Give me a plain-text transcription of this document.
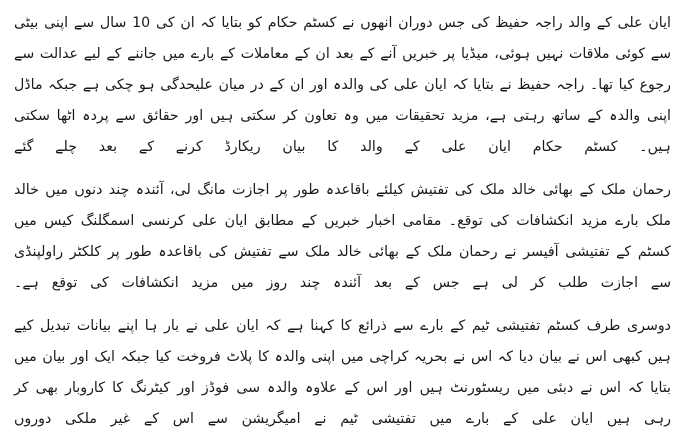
ایان علی کے والد راجہ حفیظ کی جس دوران انھوں نے کسٹم حکام کو بتایا کہ ان کی 10 سال سے اپنی بیٹی سے کوئی ملاقات نہیں ہوئی، میڈیا پر خبریں آنے کے بعد ان کے معاملات کے بارے میں جاننے کے لیے عدالت سے رجوع کیا تھا۔ راجہ حفیظ نے بتایا کہ ایان علی کی والدہ اور ان کے در میان علیحدگی ہو چکی ہے جبکہ ماڈل اپنی والدہ کے ساتھ رہتی ہے، مزید تحقیقات میں وہ تعاون کر سکتی ہیں اور حقائق سے پردہ اٹھا سکتی ہیں۔ کسٹم حکام ایان علی کے والد کا بیان ریکارڈ کرنے کے بعد چلے گئے

رحمان ملک کے بھائی خالد ملک کی تفتیش کیلئے باقاعدہ طور پر اجازت مانگ لی، آئندہ چند دنوں میں خالد ملک بارے مزید انکشافات کی توقع۔ مقامی اخبار خبریں کے مطابق ایان علی کرنسی اسمگلنگ کیس میں کسٹم کے تفتیشی آفیسر نے رحمان ملک کے بھائی خالد ملک سے تفتیش کی باقاعدہ طور پر کلکٹر راولپنڈی سے اجازت طلب کر لی ہے جس کے بعد آئندہ چند روز میں مزید انکشافات کی توقع ہے۔

دوسری طرف کسٹم تفتیشی ٹیم کے بارے سے ذرائع کا کہنا ہے کہ ایان علی نے بار ہا اپنے بیانات تبدیل کیے ہیں کبھی اس نے بیان دیا کہ اس نے بحریہ کراچی میں اپنی والدہ کا پلاٹ فروخت کیا جبکہ ایک اور بیان میں بتایا کہ اس نے دبئی میں ریسٹورنٹ ہیں اور اس کے علاوہ والدہ سی فوڈز اور کیٹرنگ کا کاروبار بھی کر رہی ہیں ایان علی کے بارے میں تفتیشی ٹیم نے امیگریشن سے اس کے غیر ملکی دوروں
